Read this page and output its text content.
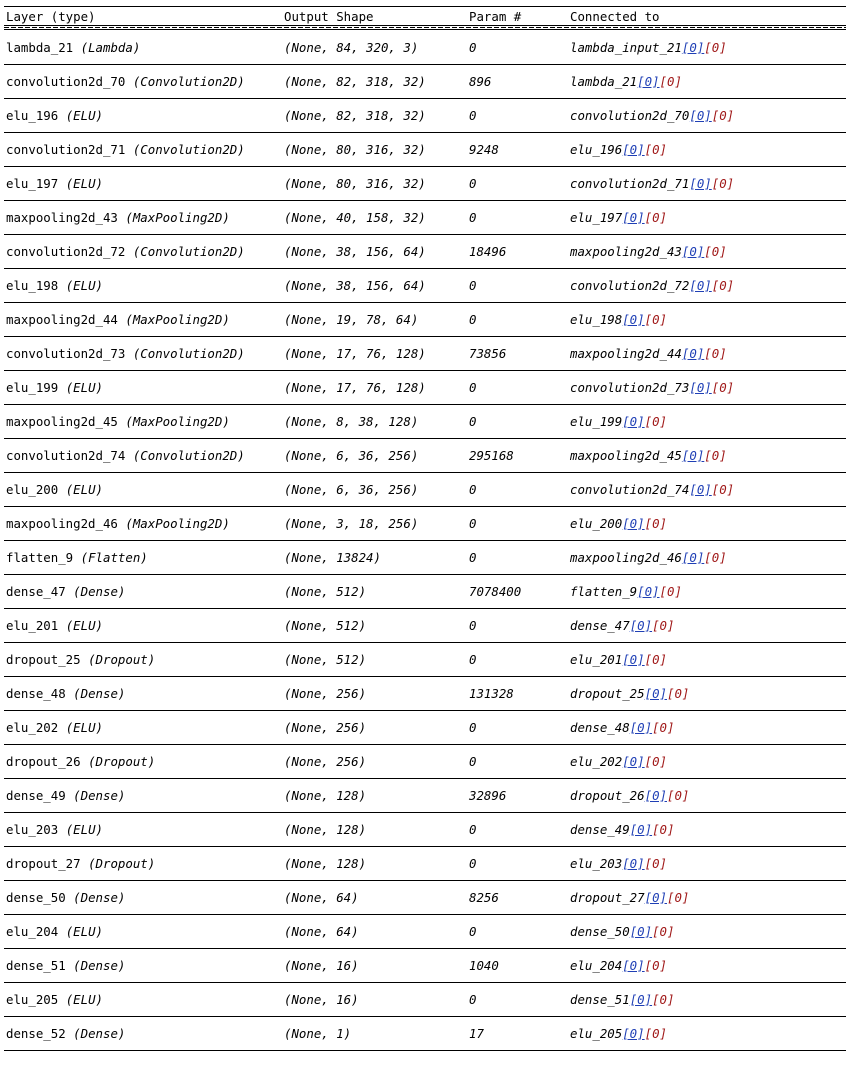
Layer (type)	Output Shape	Param #	Connected to
lambda_21 (Lambda)	(None, 84, 320, 3)	0	lambda_input_21[0][0]
convolution2d_70 (Convolution2D)	(None, 82, 318, 32)	896	lambda_21[0][0]
elu_196 (ELU)	(None, 82, 318, 32)	0	convolution2d_70[0][0]
convolution2d_71 (Convolution2D)	(None, 80, 316, 32)	9248	elu_196[0][0]
elu_197 (ELU)	(None, 80, 316, 32)	0	convolution2d_71[0][0]
maxpooling2d_43 (MaxPooling2D)	(None, 40, 158, 32)	0	elu_197[0][0]
convolution2d_72 (Convolution2D)	(None, 38, 156, 64)	18496	maxpooling2d_43[0][0]
elu_198 (ELU)	(None, 38, 156, 64)	0	convolution2d_72[0][0]
maxpooling2d_44 (MaxPooling2D)	(None, 19, 78, 64)	0	elu_198[0][0]
convolution2d_73 (Convolution2D)	(None, 17, 76, 128)	73856	maxpooling2d_44[0][0]
elu_199 (ELU)	(None, 17, 76, 128)	0	convolution2d_73[0][0]
maxpooling2d_45 (MaxPooling2D)	(None, 8, 38, 128)	0	elu_199[0][0]
convolution2d_74 (Convolution2D)	(None, 6, 36, 256)	295168	maxpooling2d_45[0][0]
elu_200 (ELU)	(None, 6, 36, 256)	0	convolution2d_74[0][0]
maxpooling2d_46 (MaxPooling2D)	(None, 3, 18, 256)	0	elu_200[0][0]
flatten_9 (Flatten)	(None, 13824)	0	maxpooling2d_46[0][0]
dense_47 (Dense)	(None, 512)	7078400	flatten_9[0][0]
elu_201 (ELU)	(None, 512)	0	dense_47[0][0]
dropout_25 (Dropout)	(None, 512)	0	elu_201[0][0]
dense_48 (Dense)	(None, 256)	131328	dropout_25[0][0]
elu_202 (ELU)	(None, 256)	0	dense_48[0][0]
dropout_26 (Dropout)	(None, 256)	0	elu_202[0][0]
dense_49 (Dense)	(None, 128)	32896	dropout_26[0][0]
elu_203 (ELU)	(None, 128)	0	dense_49[0][0]
dropout_27 (Dropout)	(None, 128)	0	elu_203[0][0]
dense_50 (Dense)	(None, 64)	8256	dropout_27[0][0]
elu_204 (ELU)	(None, 64)	0	dense_50[0][0]
dense_51 (Dense)	(None, 16)	1040	elu_204[0][0]
elu_205 (ELU)	(None, 16)	0	dense_51[0][0]
dense_52 (Dense)	(None, 1)	17	elu_205[0][0]
